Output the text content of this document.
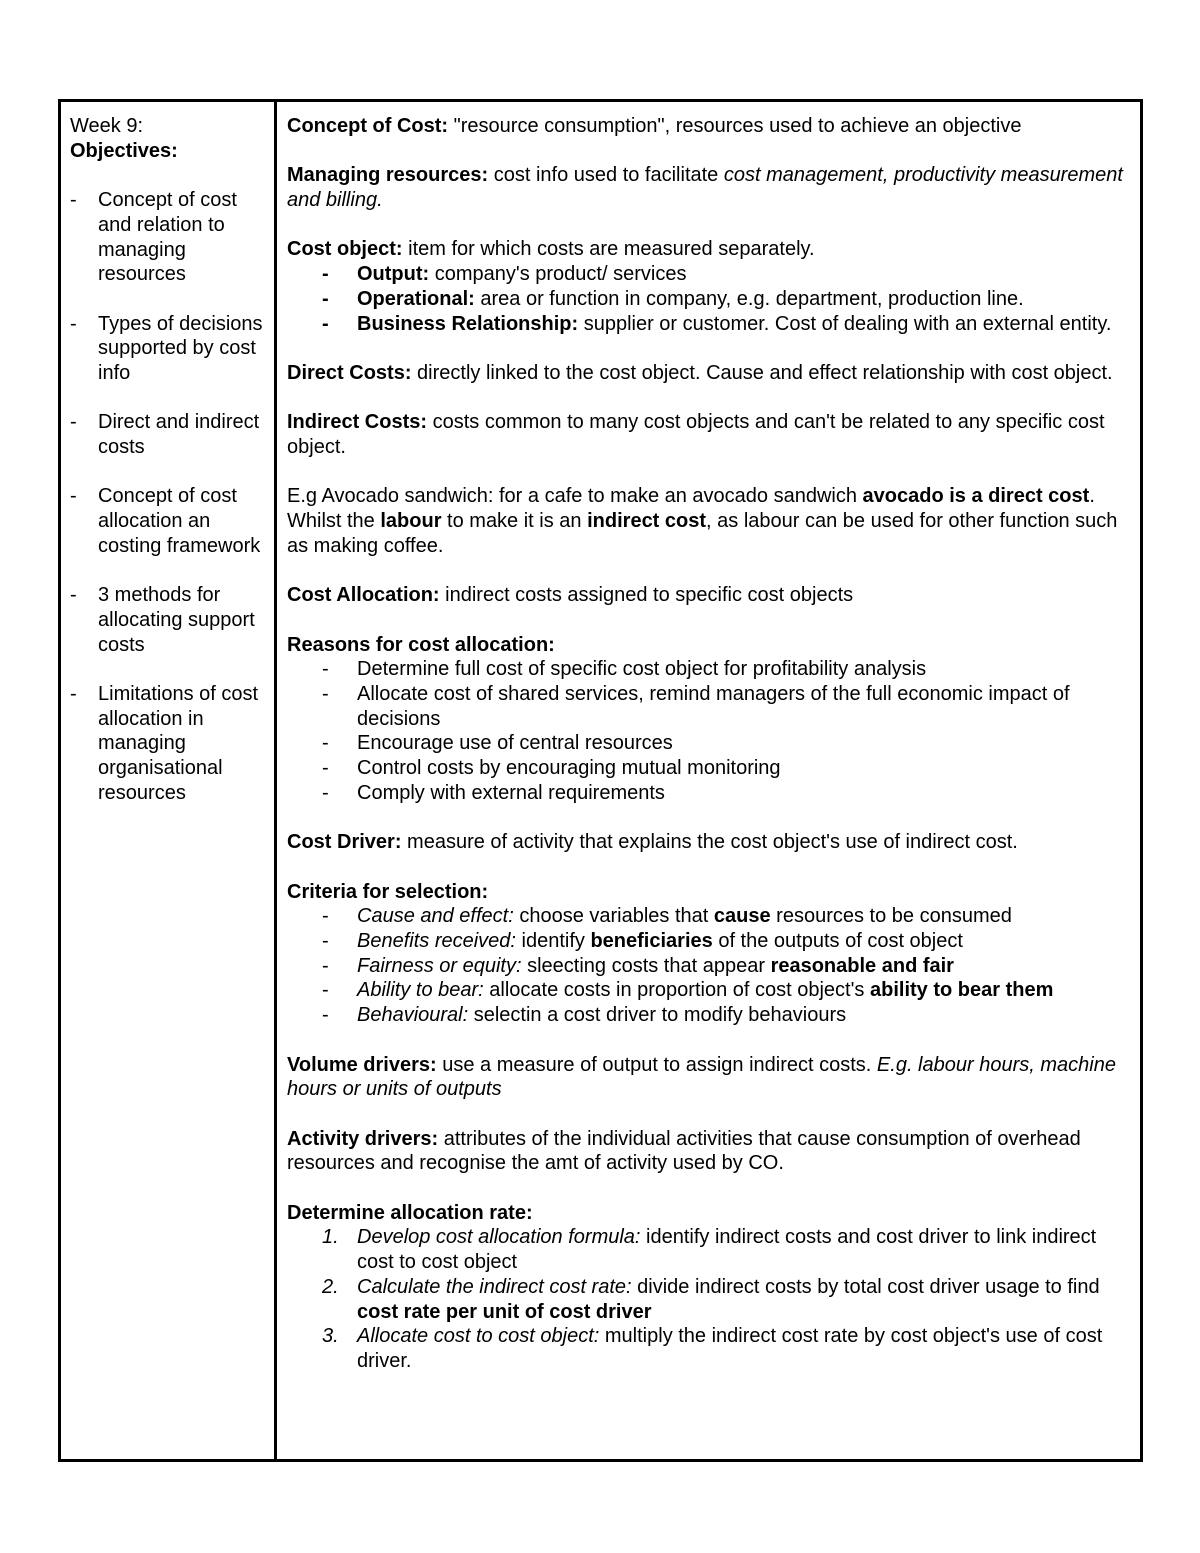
Week 9:
Objectives:
- Concept of cost and relation to managing resources
- Types of decisions supported by cost info
- Direct and indirect costs
- Concept of cost allocation an costing framework
- 3 methods for allocating support costs
- Limitations of cost allocation in managing organisational resources

Concept of Cost: "resource consumption", resources used to achieve an objective

Managing resources: cost info used to facilitate cost management, productivity measurement and billing.

Cost object: item for which costs are measured separately.

- Output: company's product/ services
- Operational: area or function in company, e.g. department, production line.
- Business Relationship: supplier or customer. Cost of dealing with an external entity.

Direct Costs: directly linked to the cost object. Cause and effect relationship with cost object.

Indirect Costs: costs common to many cost objects and can't be related to any specific cost object.

E.g Avocado sandwich: for a cafe to make an avocado sandwich avocado is a direct cost. Whilst the labour to make it is an indirect cost, as labour can be used for other function such as making coffee.

Cost Allocation: indirect costs assigned to specific cost objects

Reasons for cost allocation:

- Determine full cost of specific cost object for profitability analysis
- Allocate cost of shared services, remind managers of the full economic impact of decisions
- Encourage use of central resources
- Control costs by encouraging mutual monitoring
- Comply with external requirements

Cost Driver: measure of activity that explains the cost object's use of indirect cost.

Criteria for selection:

- Cause and effect: choose variables that cause resources to be consumed
- Benefits received: identify beneficiaries of the outputs of cost object
- Fairness or equity: sleecting costs that appear reasonable and fair
- Ability to bear: allocate costs in proportion of cost object's ability to bear them
- Behavioural: selectin a cost driver to modify behaviours

Volume drivers: use a measure of output to assign indirect costs. E.g. labour hours, machine hours or units of outputs

Activity drivers: attributes of the individual activities that cause consumption of overhead resources and recognise the amt of activity used by CO.

Determine allocation rate:

1. Develop cost allocation formula: identify indirect costs and cost driver to link indirect cost to cost object
2. Calculate the indirect cost rate: divide indirect costs by total cost driver usage to find cost rate per unit of cost driver
3. Allocate cost to cost object: multiply the indirect cost rate by cost object's use of cost driver.
